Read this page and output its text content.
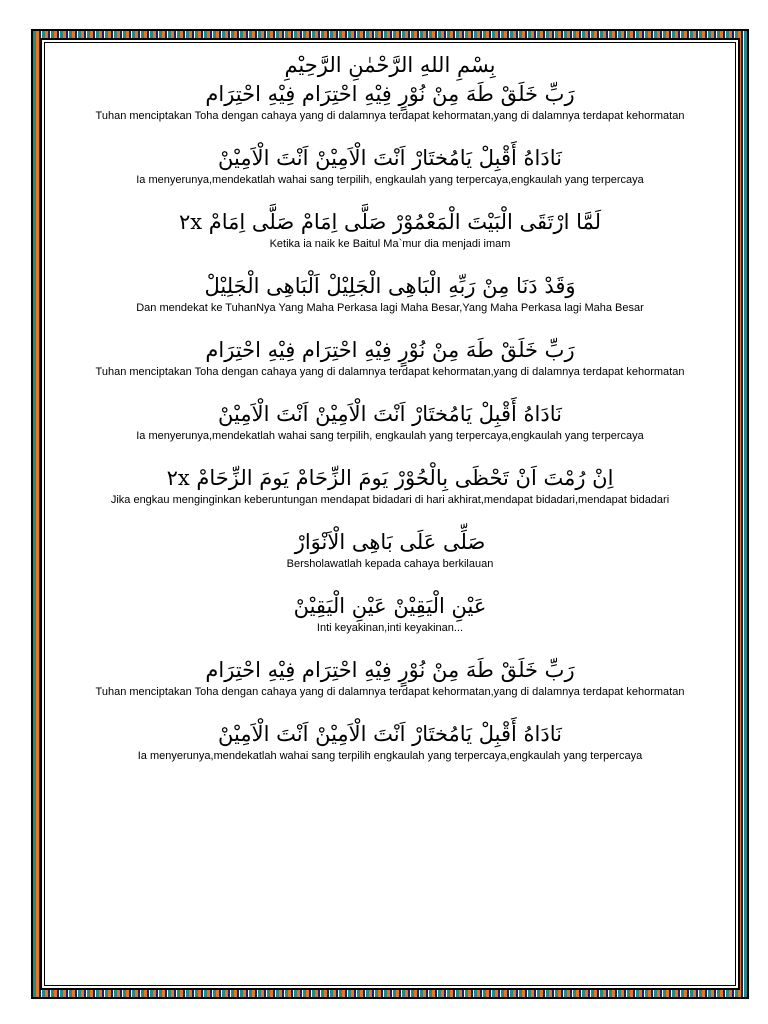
بِسْمِ اللهِ الرَّحْمٰنِ الرَّحِيْمِ
رَبِّ خَلَقْ طَهَ مِنْ نُوْرٍ فِيْهِ احْتِرَام فِيْهِ احْتِرَام
Tuhan menciptakan Toha dengan cahaya yang di dalamnya terdapat kehormatan,yang di dalamnya terdapat kehormatan
نَادَاهُ أَقْبِلْ يَامُختَارْ اَنْتَ الْاَمِيْنْ اَنْتَ الْاَمِيْنْ
Ia menyerunya,mendekatlah wahai sang terpilih, engkaulah yang terpercaya,engkaulah yang terpercaya
لَمَّا ارْتَقَى الْبَيْتَ الْمَعْمُوْرْ صَلَّى اِمَامْ صَلَّى اِمَامْ ٢x
Ketika ia naik ke Baitul Ma`mur dia menjadi imam
وَقَدْ دَنَا مِنْ رَبِّهِ الْبَاهِى الْجَلِيْلْ اَلْبَاهِى الْجَلِيْلْ
Dan mendekat ke TuhanNya Yang Maha Perkasa lagi Maha Besar,Yang Maha Perkasa lagi Maha Besar
رَبِّ خَلَقْ طَهَ مِنْ نُوْرٍ فِيْهِ احْتِرَام فِيْهِ احْتِرَام
Tuhan menciptakan Toha dengan cahaya yang di dalamnya terdapat kehormatan,yang di dalamnya terdapat kehormatan
نَادَاهُ أَقْبِلْ يَامُختَارْ اَنْتَ الْاَمِيْنْ اَنْتَ الْاَمِيْنْ
Ia menyerunya,mendekatlah wahai sang terpilih, engkaulah yang terpercaya,engkaulah yang terpercaya
اِنْ رُمْتَ اَنْ تَحْظَى بِالْحُوْرْ يَومَ الزِّحَامْ يَومَ الزِّحَامْ ٢x
Jika engkau menginginkan keberuntungan mendapat bidadari di hari akhirat,mendapat bidadari,mendapat bidadari
صَلِّى عَلَى بَاهِى الْاَنْوَارْ
Bersholawatlah kepada cahaya berkilauan
عَيْنِ الْيَقِيْنْ عَيْنِ الْيَقِيْنْ
Inti keyakinan,inti keyakinan...
رَبِّ خَلَقْ طَهَ مِنْ نُوْرٍ فِيْهِ احْتِرَام فِيْهِ احْتِرَام
Tuhan menciptakan Toha dengan cahaya yang di dalamnya terdapat kehormatan,yang di dalamnya terdapat kehormatan
نَادَاهُ أَقْبِلْ يَامُختَارْ اَنْتَ الْاَمِيْنْ اَنْتَ الْاَمِيْنْ
Ia menyerunya,mendekatlah wahai sang terpilih engkaulah yang terpercaya,engkaulah yang terpercaya
